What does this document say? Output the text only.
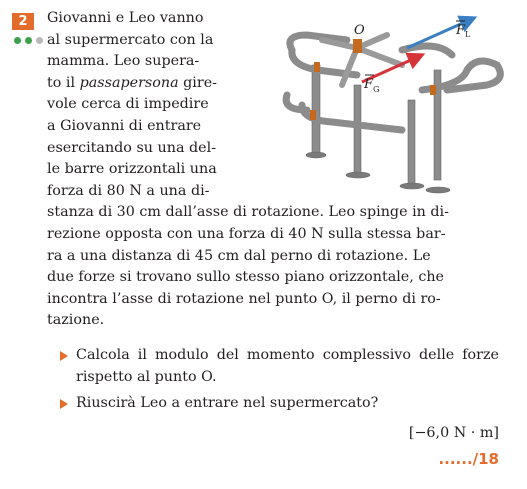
2	Giovanni e Leo vanno
al supermercato con la
mamma. Leo supera-
to il passapersona gire-
vole cerca di impedire
a Giovanni di entrare
esercitando su una del-
le barre orizzontali una
forza di 80 N a una di-
stanza di 30 cm dall’asse di rotazione. Leo spinge in di-
rezione opposta con una forza di 40 N sulla stessa bar-
ra a una distanza di 45 cm dal perno di rotazione. Le
due forze si trovano sullo stesso piano orizzontale, che
incontra l’asse di rotazione nel punto O, il perno di ro-
tazione.
Calcola il modulo del momento complessivo delle forze rispetto al punto O.
Riuscirà Leo a entrare nel supermercato?
[−6,0 N · m]
....../18
O	F L
F G
